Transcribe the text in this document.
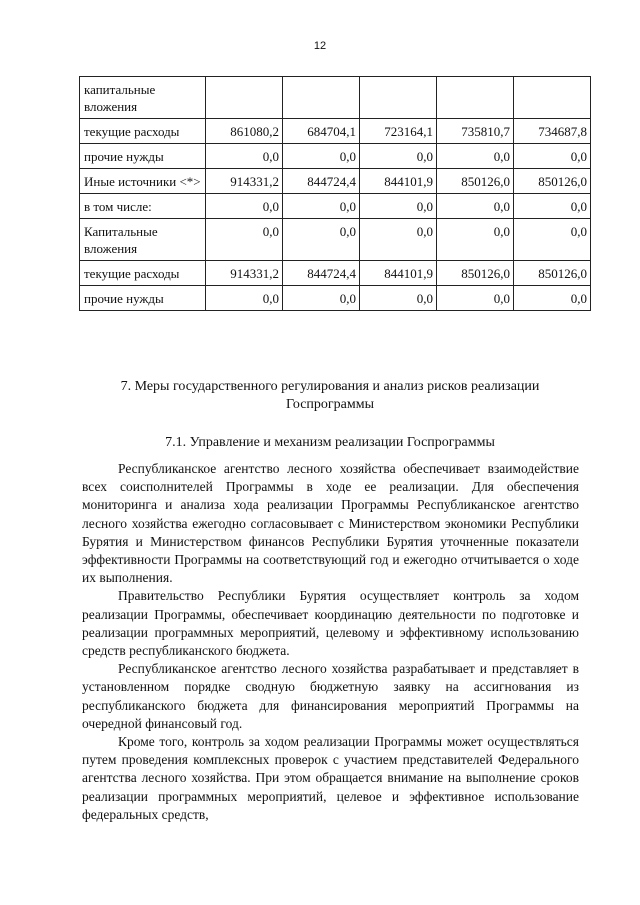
12
капитальные вложения					
текущие расходы	861080,2	684704,1	723164,1	735810,7	734687,8
прочие нужды	0,0	0,0	0,0	0,0	0,0
Иные источники <*>	914331,2	844724,4	844101,9	850126,0	850126,0
в том числе:	0,0	0,0	0,0	0,0	0,0
Капитальные вложения	0,0	0,0	0,0	0,0	0,0
текущие расходы	914331,2	844724,4	844101,9	850126,0	850126,0
прочие нужды	0,0	0,0	0,0	0,0	0,0
7. Меры государственного регулирования и анализ рисков реализации Госпрограммы
7.1. Управление и механизм реализации Госпрограммы

Республиканское агентство лесного хозяйства обеспечивает взаимодействие всех соисполнителей Программы в ходе ее реализации. Для обеспечения мониторинга и анализа хода реализации Программы Республиканское агентство лесного хозяйства ежегодно согласовывает с Министерством экономики Республики Бурятия и Министерством финансов Республики Бурятия уточненные показатели эффективности Программы на соответствующий год и ежегодно отчитывается о ходе их выполнения.

Правительство Республики Бурятия осуществляет контроль за ходом реализации Программы, обеспечивает координацию деятельности по подготовке и реализации программных мероприятий, целевому и эффективному использованию средств республиканского бюджета.

Республиканское агентство лесного хозяйства разрабатывает и представляет в установленном порядке сводную бюджетную заявку на ассигнования из республиканского бюджета для финансирования мероприятий Программы на очередной финансовый год.

Кроме того, контроль за ходом реализации Программы может осуществляться путем проведения комплексных проверок с участием представителей Федерального агентства лесного хозяйства. При этом обращается внимание на выполнение сроков реализации программных мероприятий, целевое и эффективное использование федеральных средств,
